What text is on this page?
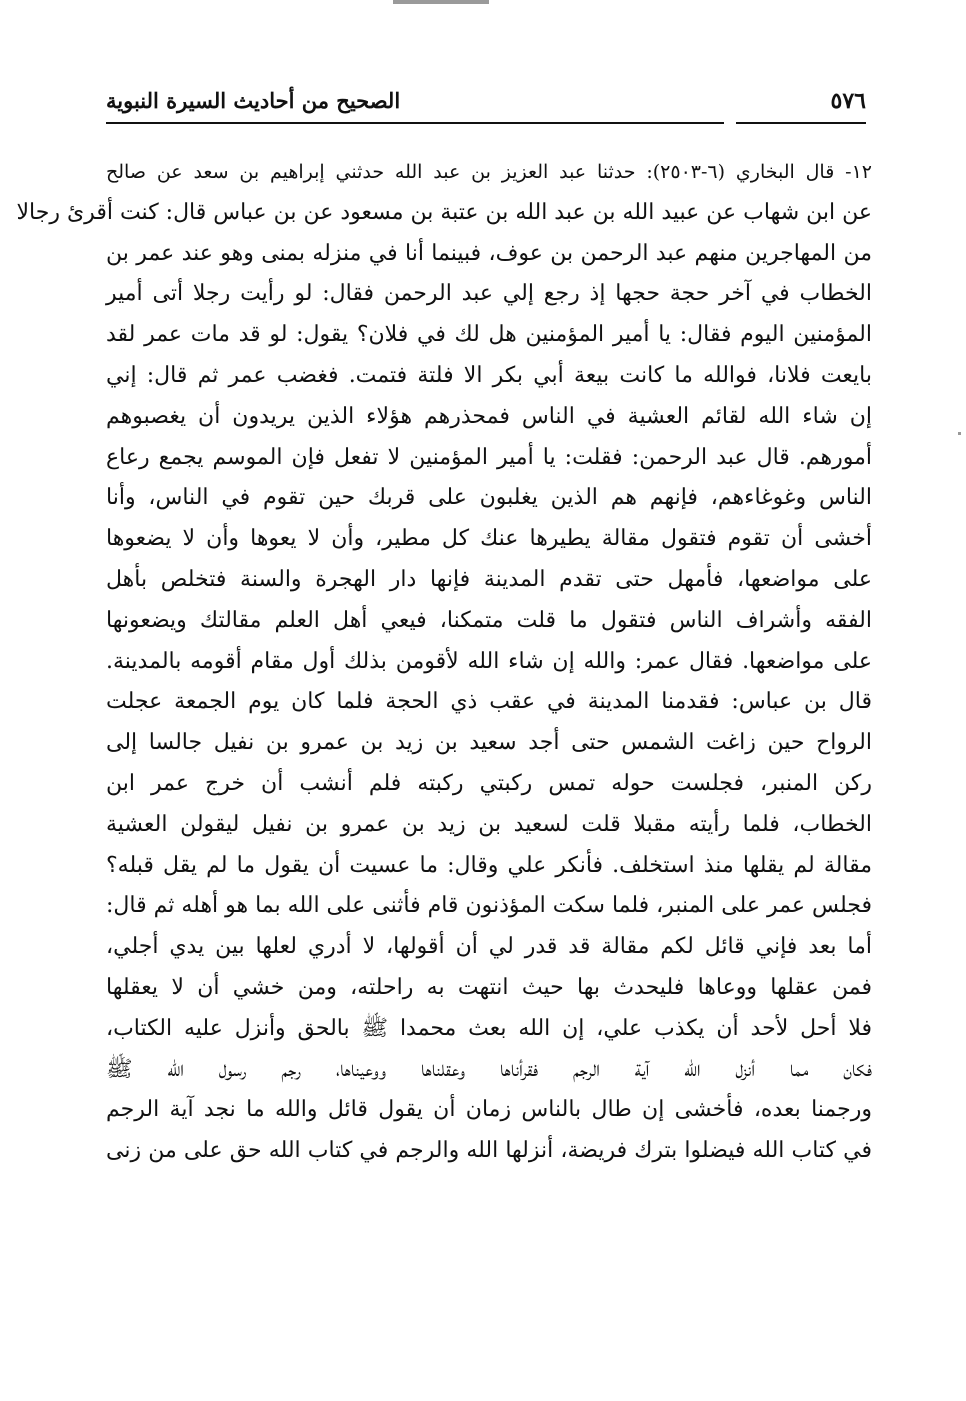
٥٧٦
الصحيح من أحاديث السيرة النبوية
١٢- قال البخاري (٦-٢٥٠٣): حدثنا عبد العزيز بن عبد الله حدثني إبراهيم بن سعد عن صالح
عن ابن شهاب عن عبيد الله بن عبد الله بن عتبة بن مسعود عن بن عباس قال: كنت أقرئ رجالا
من المهاجرين منهم عبد الرحمن بن عوف، فبينما أنا في منزله بمنى وهو عند عمر بن
الخطاب في آخر حجة حجها إذ رجع إلي عبد الرحمن فقال: لو رأيت رجلا أتى أمير
المؤمنين اليوم فقال: يا أمير المؤمنين هل لك في فلان؟ يقول: لو قد مات عمر لقد
بايعت فلانا، فوالله ما كانت بيعة أبي بكر الا فلتة فتمت. فغضب عمر ثم قال: إني
إن شاء الله لقائم العشية في الناس فمحذرهم هؤلاء الذين يريدون أن يغصبوهم
أمورهم. قال عبد الرحمن: فقلت: يا أمير المؤمنين لا تفعل فإن الموسم يجمع رعاع
الناس وغوغاءهم، فإنهم هم الذين يغلبون على قربك حين تقوم في الناس، وأنا
أخشى أن تقوم فتقول مقالة يطيرها عنك كل مطير، وأن لا يعوها وأن لا يضعوها
على مواضعها، فأمهل حتى تقدم المدينة فإنها دار الهجرة والسنة فتخلص بأهل
الفقه وأشراف الناس فتقول ما قلت متمكنا، فيعي أهل العلم مقالتك ويضعونها
على مواضعها. فقال عمر: والله إن شاء الله لأقومن بذلك أول مقام أقومه بالمدينة.
قال بن عباس: فقدمنا المدينة في عقب ذي الحجة فلما كان يوم الجمعة عجلت
الرواح حين زاغت الشمس حتى أجد سعيد بن زيد بن عمرو بن نفيل جالسا إلى
ركن المنبر، فجلست حوله تمس ركبتي ركبته فلم أنشب أن خرج عمر ابن
الخطاب، فلما رأيته مقبلا قلت لسعيد بن زيد بن عمرو بن نفيل ليقولن العشية
مقالة لم يقلها منذ استخلف. فأنكر علي وقال: ما عسيت أن يقول ما لم يقل قبله؟
فجلس عمر على المنبر، فلما سكت المؤذنون قام فأثنى على الله بما هو أهله ثم قال:
أما بعد فإني قائل لكم مقالة قد قدر لي أن أقولها، لا أدري لعلها بين يدي أجلي،
فمن عقلها ووعاها فليحدث بها حيث انتهت به راحلته، ومن خشي أن لا يعقلها
فلا أحل لأحد أن يكذب علي، إن الله بعث محمدا ﷺ بالحق وأنزل عليه الكتاب،
فكان مما أنزل الله آية الرجم فقرأناها وعقلناها ووعيناها، رجم رسول الله ﷺ
ورجمنا بعده، فأخشى إن طال بالناس زمان أن يقول قائل والله ما نجد آية الرجم
في كتاب الله فيضلوا بترك فريضة، أنزلها الله والرجم في كتاب الله حق على من زنى
